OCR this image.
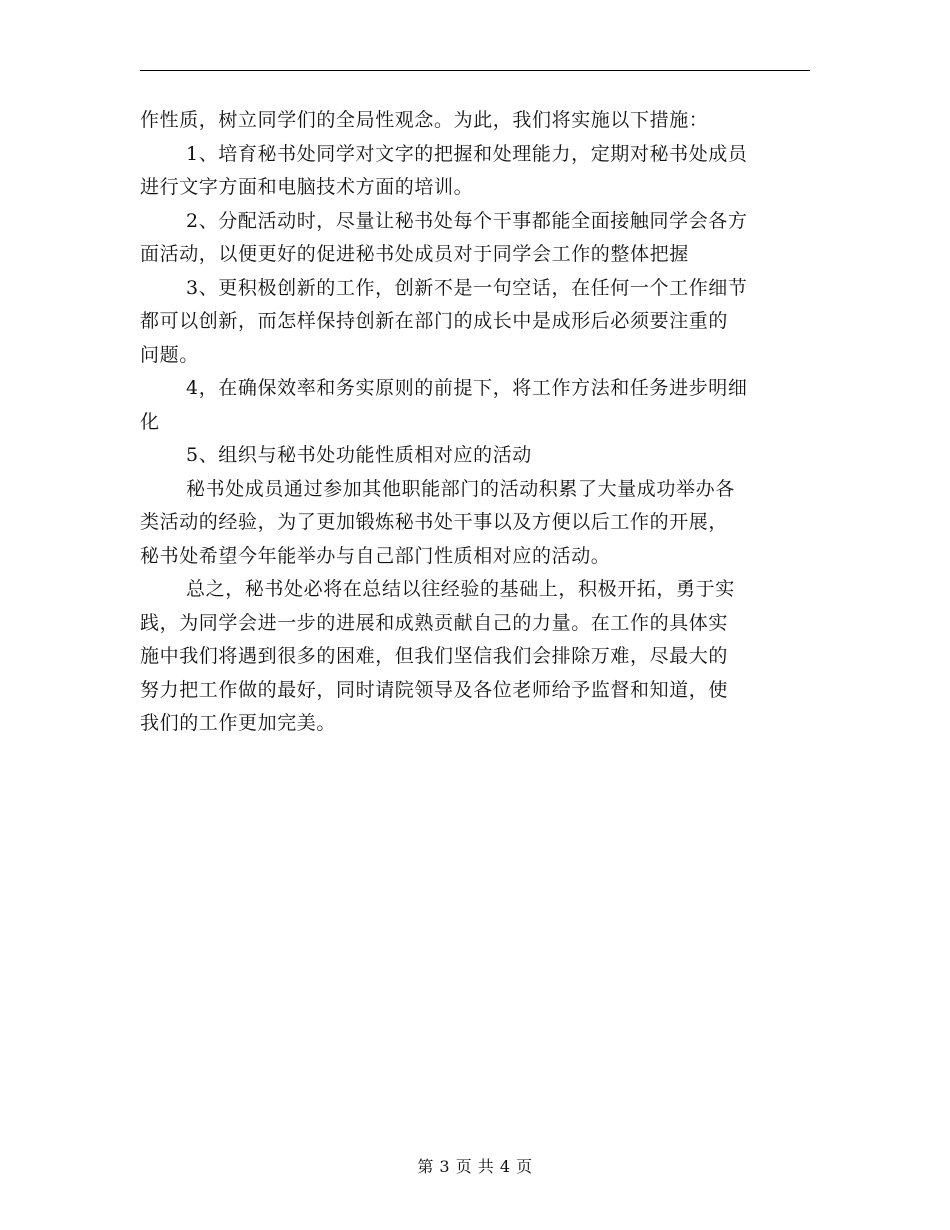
作性质，树立同学们的全局性观念。为此，我们将实施以下措施：
1、培育秘书处同学对文字的把握和处理能力，定期对秘书处成员
进行文字方面和电脑技术方面的培训。
2、分配活动时，尽量让秘书处每个干事都能全面接触同学会各方
面活动，以便更好的促进秘书处成员对于同学会工作的整体把握
3、更积极创新的工作，创新不是一句空话，在任何一个工作细节
都可以创新，而怎样保持创新在部门的成长中是成形后必须要注重的
问题。
4，在确保效率和务实原则的前提下，将工作方法和任务进步明细
化
5、组织与秘书处功能性质相对应的活动
秘书处成员通过参加其他职能部门的活动积累了大量成功举办各
类活动的经验，为了更加锻炼秘书处干事以及方便以后工作的开展，
秘书处希望今年能举办与自己部门性质相对应的活动。
总之，秘书处必将在总结以往经验的基础上，积极开拓，勇于实
践，为同学会进一步的进展和成熟贡献自己的力量。在工作的具体实
施中我们将遇到很多的困难，但我们坚信我们会排除万难，尽最大的
努力把工作做的最好，同时请院领导及各位老师给予监督和知道，使
我们的工作更加完美。
第 3 页 共 4 页
